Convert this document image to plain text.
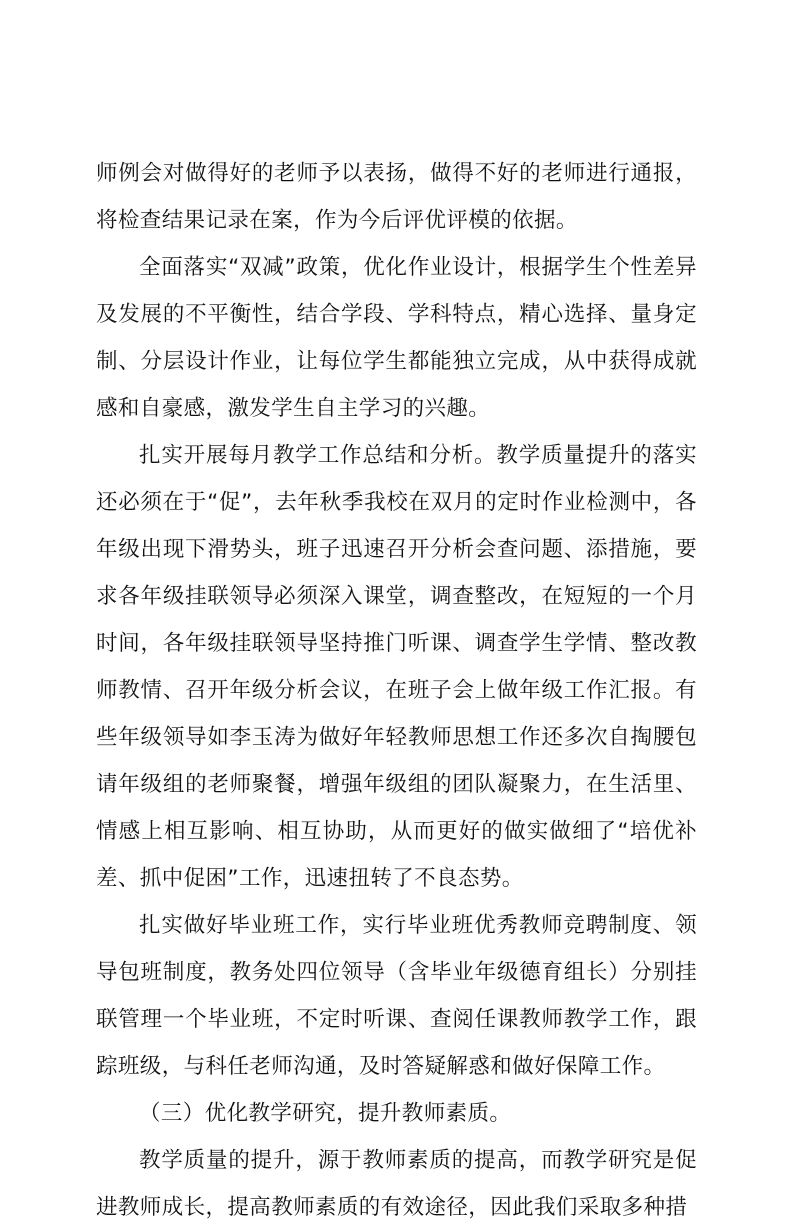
师例会对做得好的老师予以表扬，做得不好的老师进行通报，将检查结果记录在案，作为今后评优评模的依据。

全面落实“双减”政策，优化作业设计，根据学生个性差异及发展的不平衡性，结合学段、学科特点，精心选择、量身定制、分层设计作业，让每位学生都能独立完成，从中获得成就感和自豪感，激发学生自主学习的兴趣。

扎实开展每月教学工作总结和分析。教学质量提升的落实还必须在于“促”，去年秋季我校在双月的定时作业检测中，各年级出现下滑势头，班子迅速召开分析会查问题、添措施，要求各年级挂联领导必须深入课堂，调查整改，在短短的一个月时间，各年级挂联领导坚持推门听课、调查学生学情、整改教师教情、召开年级分析会议，在班子会上做年级工作汇报。有些年级领导如李玉涛为做好年轻教师思想工作还多次自掏腰包请年级组的老师聚餐，增强年级组的团队凝聚力，在生活里、情感上相互影响、相互协助，从而更好的做实做细了“培优补差、抓中促困”工作，迅速扭转了不良态势。

扎实做好毕业班工作，实行毕业班优秀教师竞聘制度、领导包班制度，教务处四位领导（含毕业年级德育组长）分别挂联管理一个毕业班，不定时听课、查阅任课教师教学工作，跟踪班级，与科任老师沟通，及时答疑解惑和做好保障工作。

（三）优化教学研究，提升教师素质。

教学质量的提升，源于教师素质的提高，而教学研究是促进教师成长，提高教师素质的有效途径，因此我们采取多种措
